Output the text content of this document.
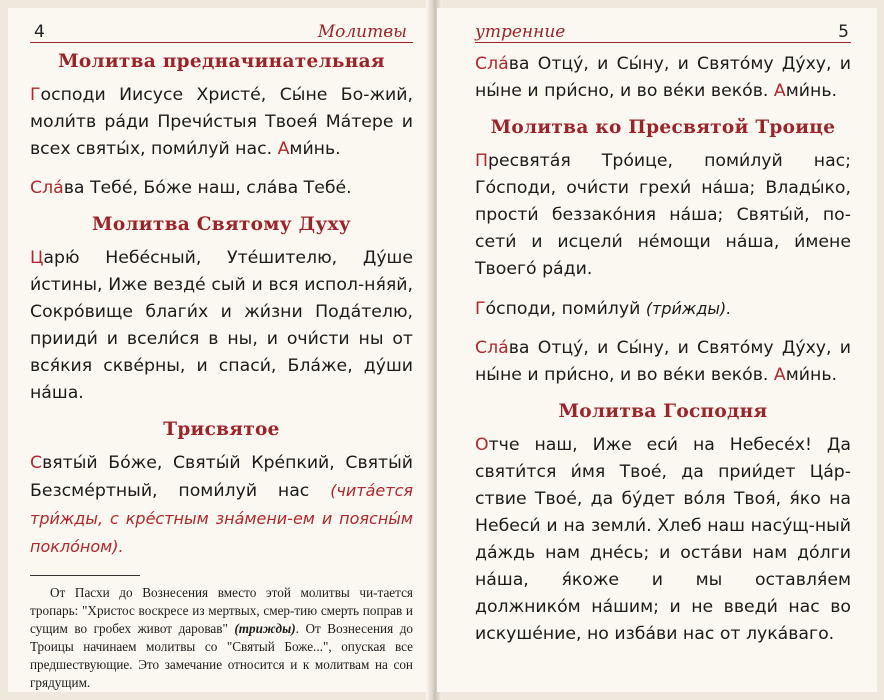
4	Молитвы
Молитва предначинательная

Господи Иисусе Христе́, Сы́не Бо-жий, моли́тв ра́ди Пречи́стыя Твоея́ Ма́тере и всех святы́х, поми́луй нас. Ами́нь.

Сла́ва Тебе́, Бо́же наш, сла́ва Тебе́.

Молитва Святому Духу

Царю́ Небе́сный, Уте́шителю, Ду́ше и́стины, Иже везде́ сый и вся испол-ня́яй, Сокро́вище благи́х и жи́зни Пода́телю, прииди́ и всели́ся в ны, и очи́сти ны от вся́кия скве́рны, и спаси́, Бла́же, ду́ши на́ша.

Трисвятое

Святы́й Бо́же, Святы́й Кре́пкий, Святы́й Безсме́ртный, поми́луй нас (чита́ется три́жды, с кре́стным зна́мени-ем и поясны́м покло́ном).

От Пасхи до Вознесения вместо этой молитвы чи-тается тропарь: "Христос воскресе из мертвых, смер-тию смерть поправ и сущим во гробех живот даровав" (трижды). От Вознесения до Троицы начинаем молитвы со "Святый Боже...", опуская все предшествующие. Это замечание относится и к молитвам на сон грядущим.

утренние	5

Сла́ва Отцу́, и Сы́ну, и Свято́му Ду́ху, и ны́не и при́сно, и во ве́ки веко́в. Ами́нь.

Молитва ко Пресвятой Троице

Пресвята́я Тро́ице, поми́луй нас; Го́споди, очи́сти грехи́ на́ша; Влады́ко, прости́ беззако́ния на́ша; Святы́й, по-сети́ и исцели́ не́мощи на́ша, и́мене Твоего́ ра́ди.

Го́споди, поми́луй (три́жды).

Сла́ва Отцу́, и Сы́ну, и Свято́му Ду́ху, и ны́не и при́сно, и во ве́ки веко́в. Ами́нь.

Молитва Господня

Отче наш, Иже еси́ на Небесе́х! Да святи́тся и́мя Твое́, да прии́дет Ца́р-ствие Твое́, да бу́дет во́ля Твоя́, я́ко на Небеси́ и на земли́. Хлеб наш насу́щ-ный да́ждь нам дне́сь; и оста́ви нам до́лги на́ша, я́коже и мы оставля́ем должнико́м на́шим; и не введи́ нас во искуше́ние, но изба́ви нас от лука́ваго.
